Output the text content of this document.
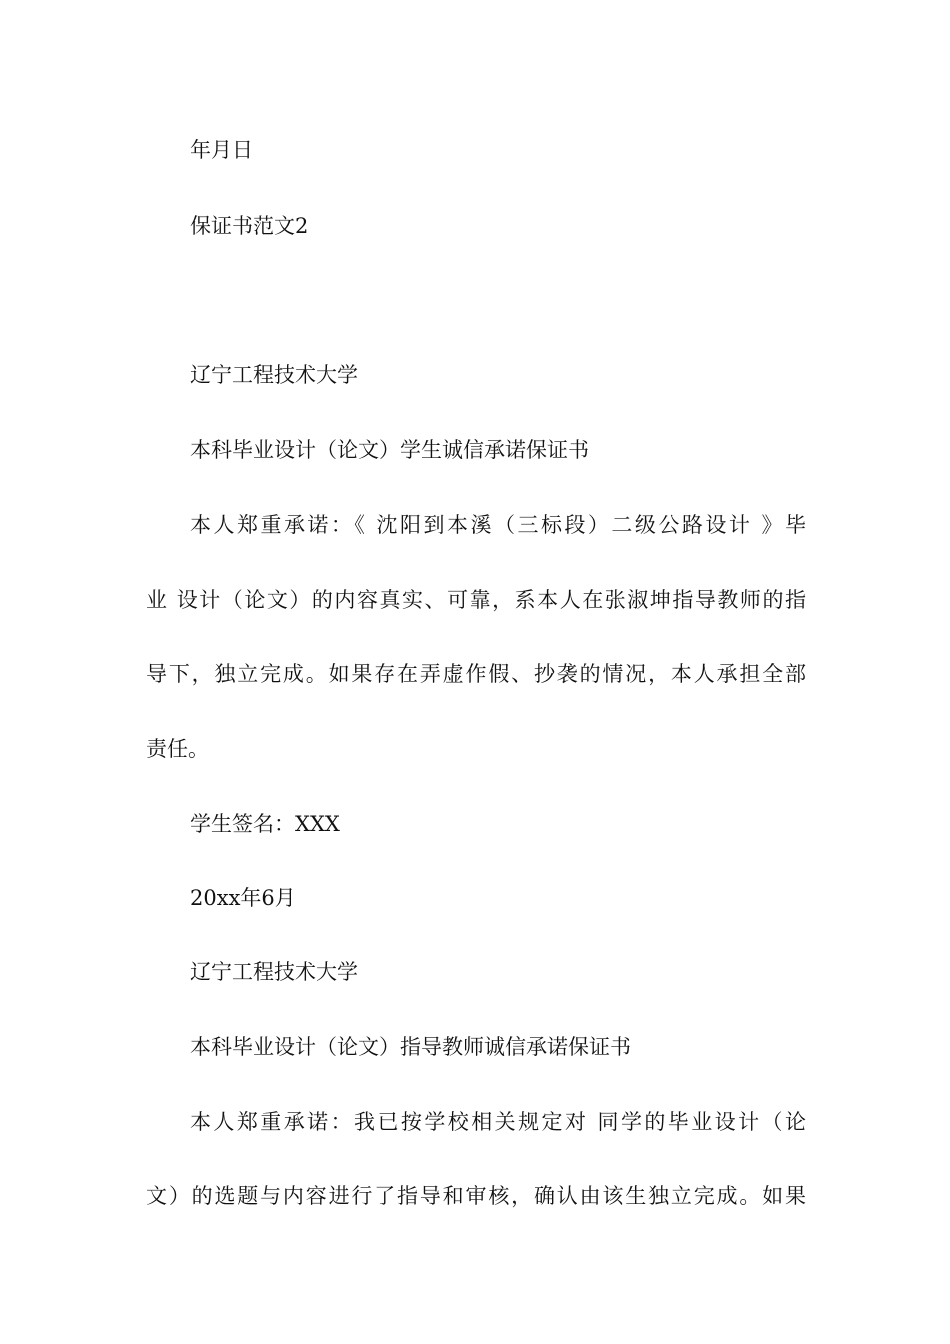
年月日
保证书范文2
辽宁工程技术大学
本科毕业设计（论文）学生诚信承诺保证书
本人郑重承诺：《 沈阳到本溪（三标段）二级公路设计 》毕
业 设计（论文）的内容真实、可靠，系本人在张淑坤指导教师的指
导下，独立完成。如果存在弄虚作假、抄袭的情况，本人承担全部
责任。
学生签名：XXX
20xx年6月
辽宁工程技术大学
本科毕业设计（论文）指导教师诚信承诺保证书
本人郑重承诺：我已按学校相关规定对 同学的毕业设计（论
文）的选题与内容进行了指导和审核，确认由该生独立完成。如果
